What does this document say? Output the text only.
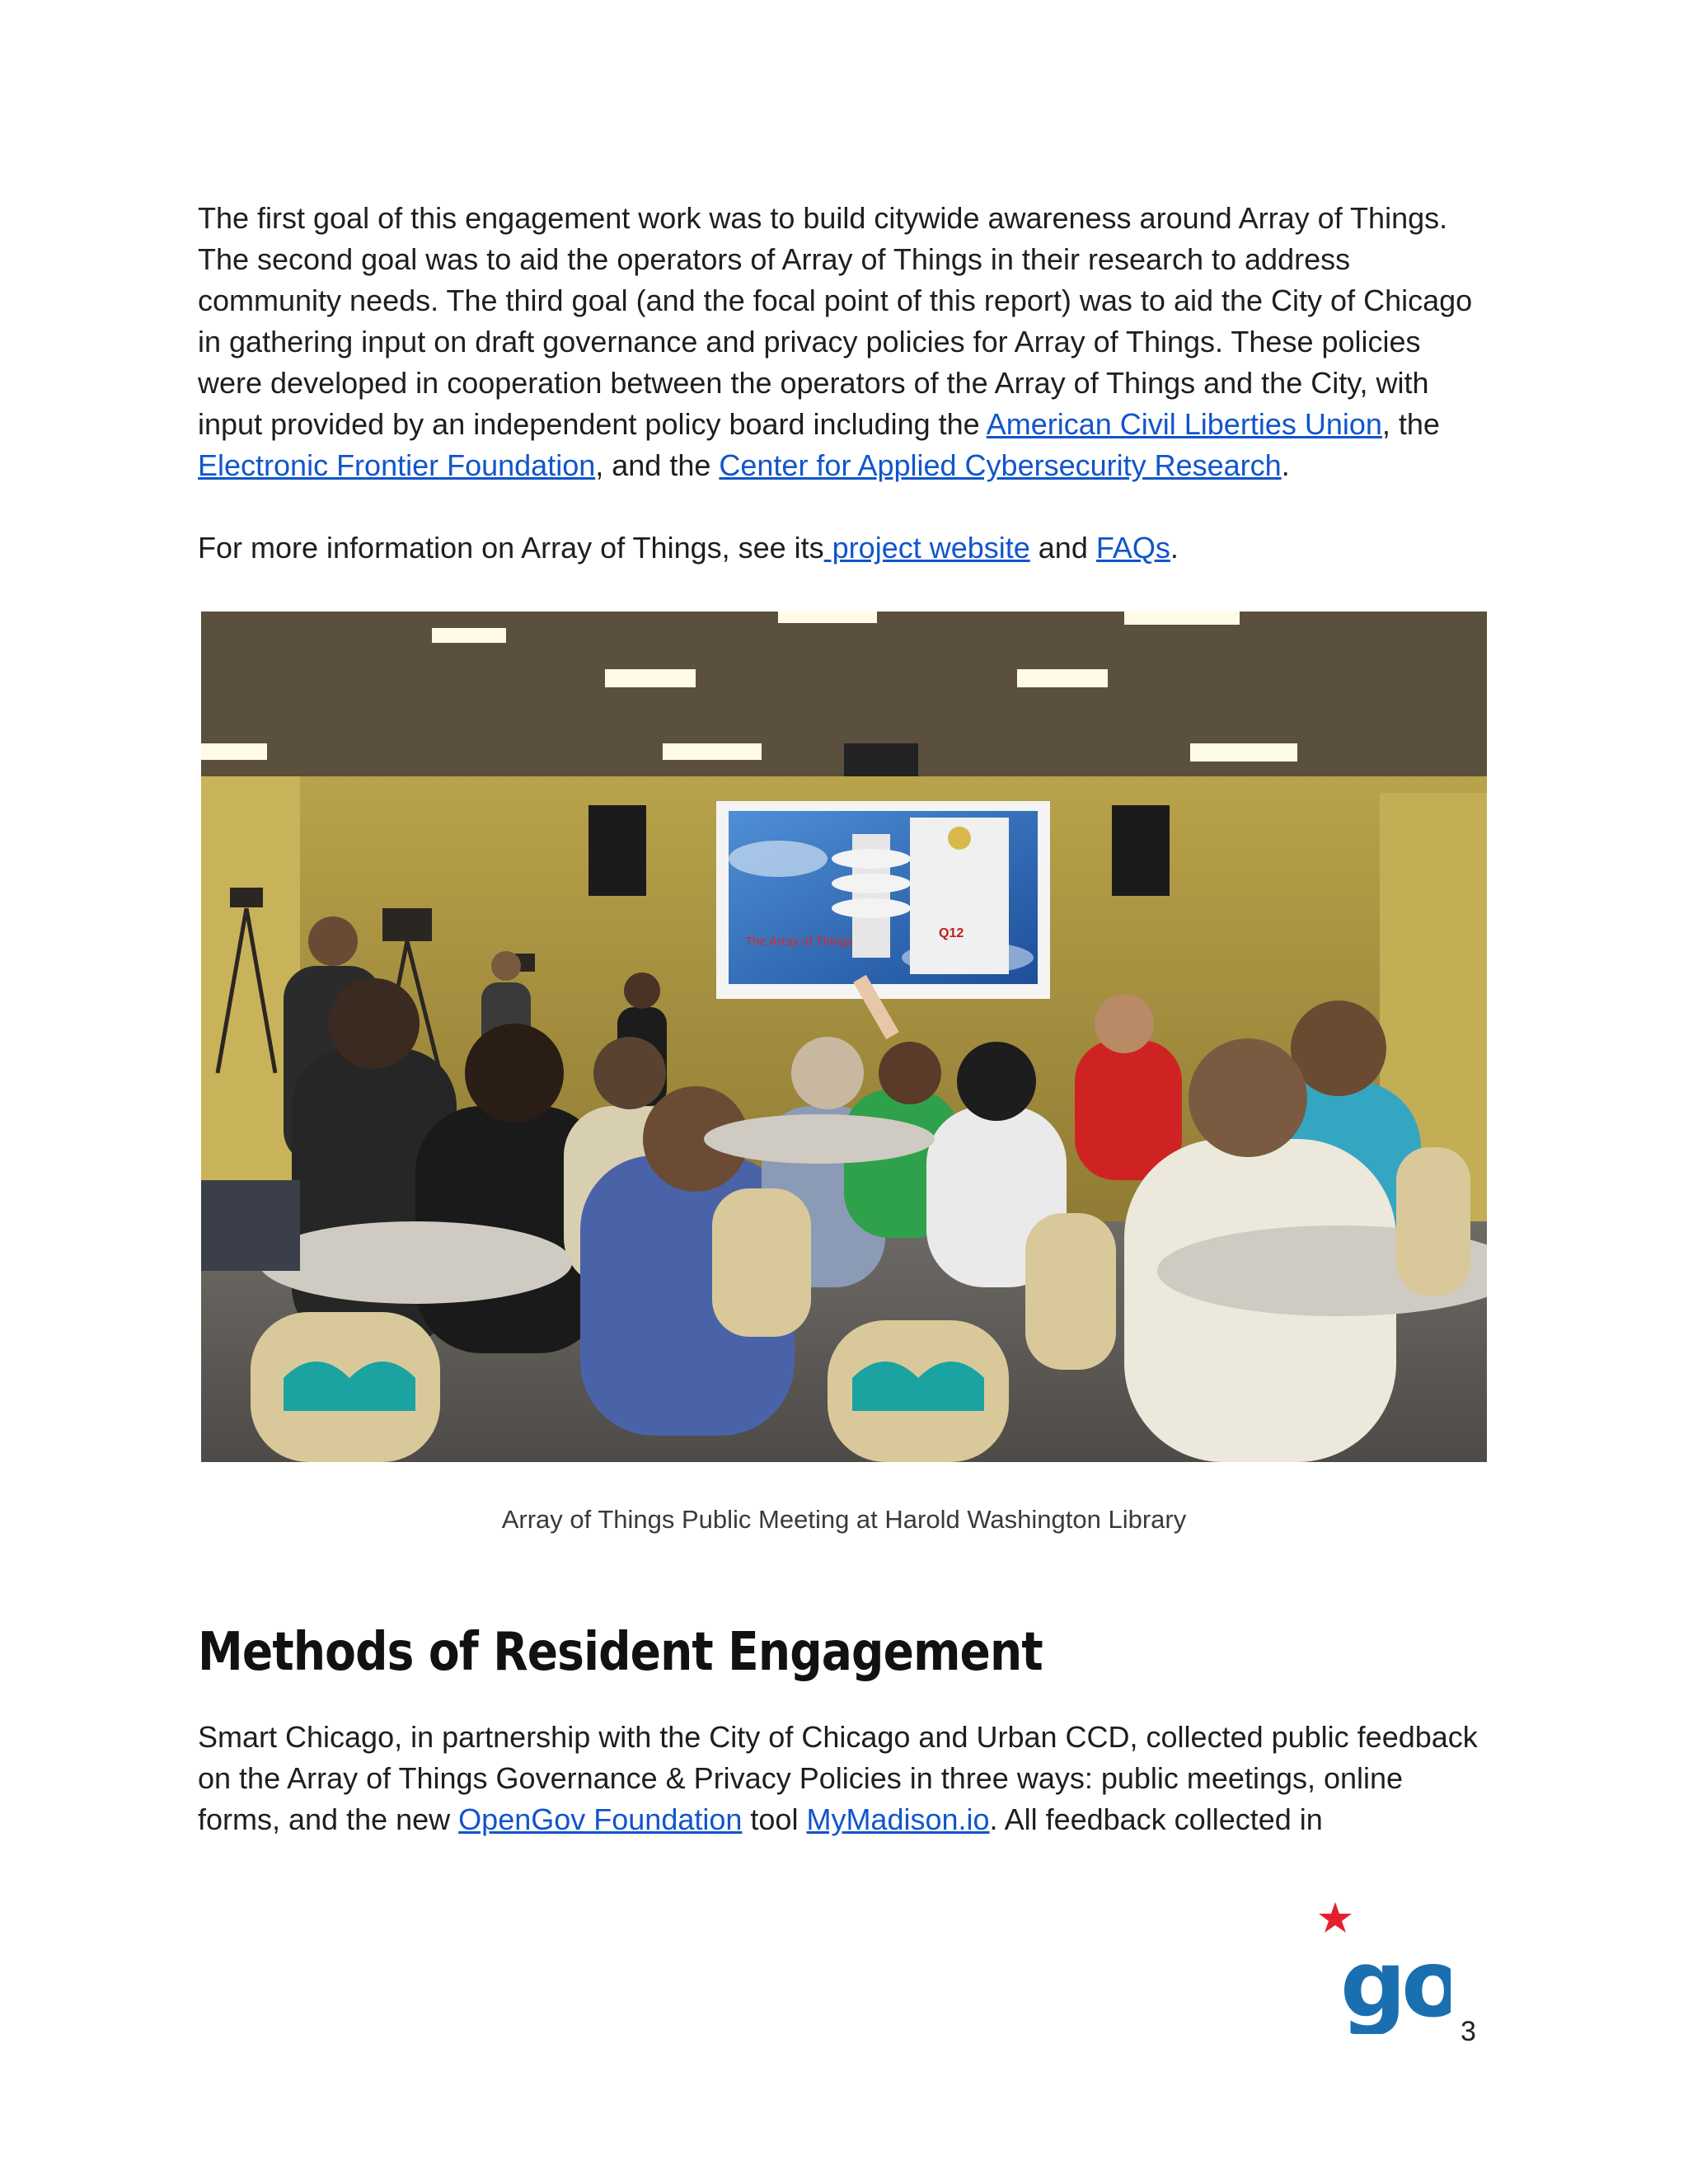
The first goal of this engagement work was to build citywide awareness around Array of Things. The second goal was to aid the operators of Array of Things in their research to address community needs. The third goal (and the focal point of this report) was to aid the City of Chicago in gathering input on draft governance and privacy policies for Array of Things. These policies were developed in cooperation between the operators of the Array of Things and the City, with input provided by an independent policy board including the American Civil Liberties Union, the Electronic Frontier Foundation, and the Center for Applied Cybersecurity Research.

For more information on Array of Things, see its project website and FAQs.

The Array of Things
Q12

Array of Things Public Meeting at Harold Washington Library

Methods of Resident Engagement

Smart Chicago, in partnership with the City of Chicago and Urban CCD, collected public feedback on the Array of Things Governance & Privacy Policies in three ways: public meetings, online forms, and the new OpenGov Foundation tool MyMadison.io. All feedback collected in

go 3
